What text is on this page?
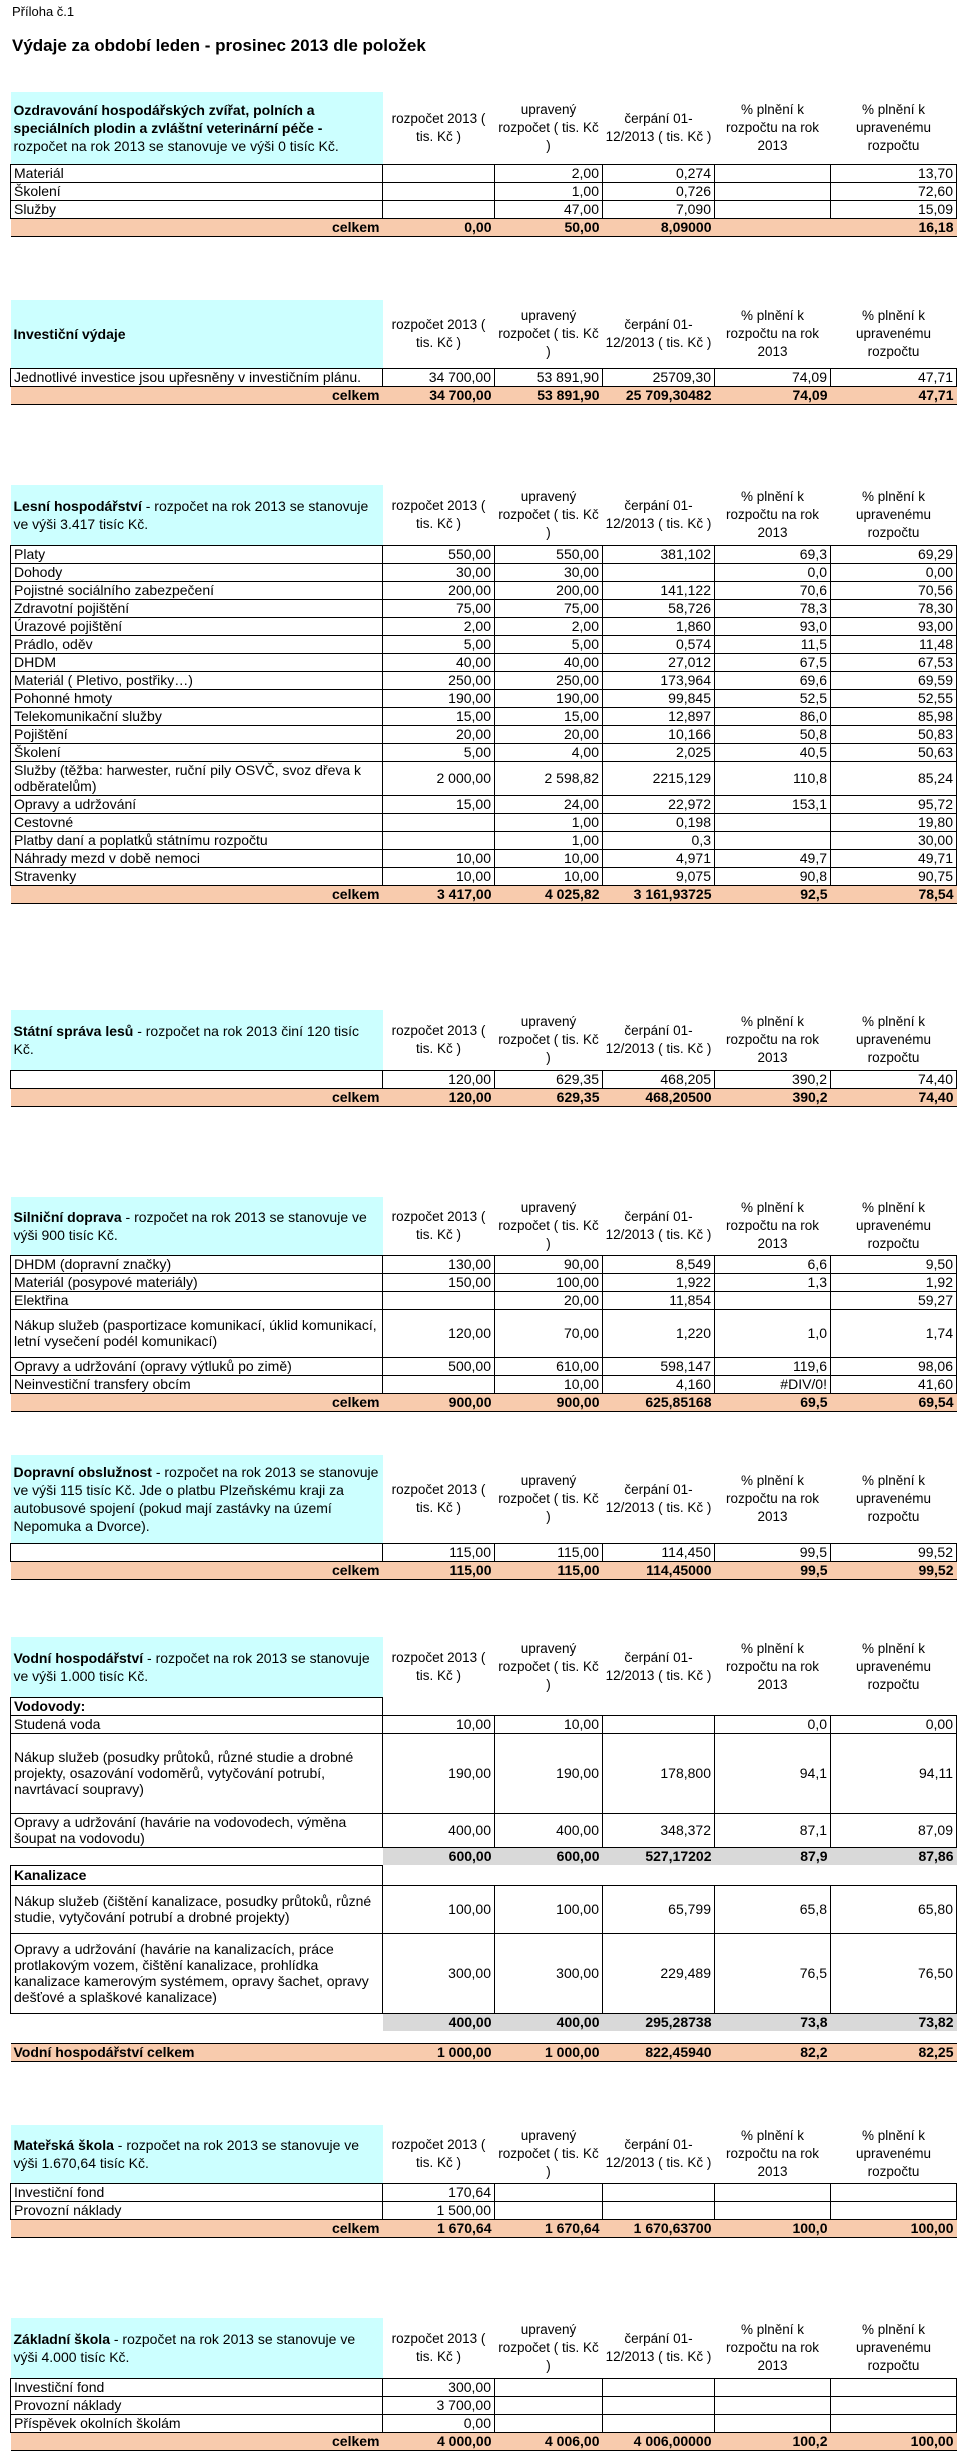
Příloha č.1
Výdaje za období leden - prosinec 2013 dle položek
Ozdravování hospodářských zvířat, polních a speciálních plodin a zvláštní veterinární péče - rozpočet na rok 2013 se stanovuje ve výši 0 tisíc Kč.	rozpočet 2013 ( tis. Kč )	upravený rozpočet ( tis. Kč )	čerpání 01-12/2013 ( tis. Kč )	% plnění k rozpočtu na rok 2013	% plnění k upravenému rozpočtu
Materiál		2,00	0,274		13,70
Školení		1,00	0,726		72,60
Služby		47,00	7,090		15,09
celkem	0,00	50,00	8,09000		16,18
Investiční výdaje	rozpočet 2013 ( tis. Kč )	upravený rozpočet ( tis. Kč )	čerpání 01-12/2013 ( tis. Kč )	% plnění k rozpočtu na rok 2013	% plnění k upravenému rozpočtu
Jednotlivé investice jsou upřesněny v investičním plánu.	34 700,00	53 891,90	25709,30	74,09	47,71
celkem	34 700,00	53 891,90	25 709,30482	74,09	47,71
Lesní hospodářství - rozpočet na rok 2013 se stanovuje ve výši 3.417 tisíc Kč.	rozpočet 2013 ( tis. Kč )	upravený rozpočet ( tis. Kč )	čerpání 01-12/2013 ( tis. Kč )	% plnění k rozpočtu na rok 2013	% plnění k upravenému rozpočtu
Platy	550,00	550,00	381,102	69,3	69,29
Dohody	30,00	30,00		0,0	0,00
Pojistné sociálního zabezpečení	200,00	200,00	141,122	70,6	70,56
Zdravotní pojištění	75,00	75,00	58,726	78,3	78,30
Úrazové pojištění	2,00	2,00	1,860	93,0	93,00
Prádlo, oděv	5,00	5,00	0,574	11,5	11,48
DHDM	40,00	40,00	27,012	67,5	67,53
Materiál ( Pletivo, postřiky…)	250,00	250,00	173,964	69,6	69,59
Pohonné hmoty	190,00	190,00	99,845	52,5	52,55
Telekomunikační služby	15,00	15,00	12,897	86,0	85,98
Pojištění	20,00	20,00	10,166	50,8	50,83
Školení	5,00	4,00	2,025	40,5	50,63
Služby (těžba: harwester, ruční pily OSVČ, svoz dřeva k odběratelům)	2 000,00	2 598,82	2215,129	110,8	85,24
Opravy a udržování	15,00	24,00	22,972	153,1	95,72
Cestovné		1,00	0,198		19,80
Platby daní a poplatků státnímu rozpočtu		1,00	0,3		30,00
Náhrady mezd v době nemoci	10,00	10,00	4,971	49,7	49,71
Stravenky	10,00	10,00	9,075	90,8	90,75
celkem	3 417,00	4 025,82	3 161,93725	92,5	78,54
Státní správa lesů - rozpočet na rok 2013 činí 120 tisíc Kč.	rozpočet 2013 ( tis. Kč )	upravený rozpočet ( tis. Kč )	čerpání 01-12/2013 ( tis. Kč )	% plnění k rozpočtu na rok 2013	% plnění k upravenému rozpočtu
	120,00	629,35	468,205	390,2	74,40
celkem	120,00	629,35	468,20500	390,2	74,40
Silniční doprava - rozpočet na rok 2013 se stanovuje ve výši 900 tisíc Kč.	rozpočet 2013 ( tis. Kč )	upravený rozpočet ( tis. Kč )	čerpání 01-12/2013 ( tis. Kč )	% plnění k rozpočtu na rok 2013	% plnění k upravenému rozpočtu
DHDM (dopravní značky)	130,00	90,00	8,549	6,6	9,50
Materiál (posypové materiály)	150,00	100,00	1,922	1,3	1,92
Elektřina		20,00	11,854		59,27
Nákup služeb (pasportizace komunikací, úklid komunikací, letní vysečení podél komunikací)	120,00	70,00	1,220	1,0	1,74
Opravy a udržování (opravy výtluků po zimě)	500,00	610,00	598,147	119,6	98,06
Neinvestiční transfery obcím		10,00	4,160	#DIV/0!	41,60
celkem	900,00	900,00	625,85168	69,5	69,54
Dopravní obslužnost - rozpočet na rok 2013 se stanovuje ve výši 115 tisíc Kč. Jde o platbu Plzeňskému kraji za autobusové spojení (pokud mají zastávky na území Nepomuka a Dvorce).	rozpočet 2013 ( tis. Kč )	upravený rozpočet ( tis. Kč )	čerpání 01-12/2013 ( tis. Kč )	% plnění k rozpočtu na rok 2013	% plnění k upravenému rozpočtu
	115,00	115,00	114,450	99,5	99,52
celkem	115,00	115,00	114,45000	99,5	99,52
Vodní hospodářství - rozpočet na rok 2013 se stanovuje ve výši 1.000 tisíc Kč.	rozpočet 2013 ( tis. Kč )	upravený rozpočet ( tis. Kč )	čerpání 01-12/2013 ( tis. Kč )	% plnění k rozpočtu na rok 2013	% plnění k upravenému rozpočtu
Vodovody:					
Studená voda	10,00	10,00		0,0	0,00
Nákup služeb (posudky průtoků, různé studie a drobné projekty, osazování vodoměrů, vytyčování potrubí, navrtávací soupravy)	190,00	190,00	178,800	94,1	94,11
Opravy a udržování (havárie na vodovodech, výměna šoupat na vodovodu)	400,00	400,00	348,372	87,1	87,09
	600,00	600,00	527,17202	87,9	87,86
Kanalizace					
Nákup služeb (čištění kanalizace, posudky průtoků, různé studie, vytyčování potrubí a drobné projekty)	100,00	100,00	65,799	65,8	65,80
Opravy a udržování (havárie na kanalizacích, práce protlakovým vozem, čištění kanalizace, prohlídka kanalizace kamerovým systémem, opravy šachet, opravy dešťové a splaškové kanalizace)	300,00	300,00	229,489	76,5	76,50
	400,00	400,00	295,28738	73,8	73,82

Vodní hospodářství celkem	1 000,00	1 000,00	822,45940	82,2	82,25
Mateřská škola - rozpočet na rok 2013 se stanovuje ve výši 1.670,64 tisíc Kč.	rozpočet 2013 ( tis. Kč )	upravený rozpočet ( tis. Kč )	čerpání 01-12/2013 ( tis. Kč )	% plnění k rozpočtu na rok 2013	% plnění k upravenému rozpočtu
Investiční fond	170,64				
Provozní náklady	1 500,00				
celkem	1 670,64	1 670,64	1 670,63700	100,0	100,00
Základní škola - rozpočet na rok 2013 se stanovuje ve výši 4.000 tisíc Kč.	rozpočet 2013 ( tis. Kč )	upravený rozpočet ( tis. Kč )	čerpání 01-12/2013 ( tis. Kč )	% plnění k rozpočtu na rok 2013	% plnění k upravenému rozpočtu
Investiční fond	300,00				
Provozní náklady	3 700,00				
Příspěvek okolních školám	0,00				
celkem	4 000,00	4 006,00	4 006,00000	100,2	100,00
